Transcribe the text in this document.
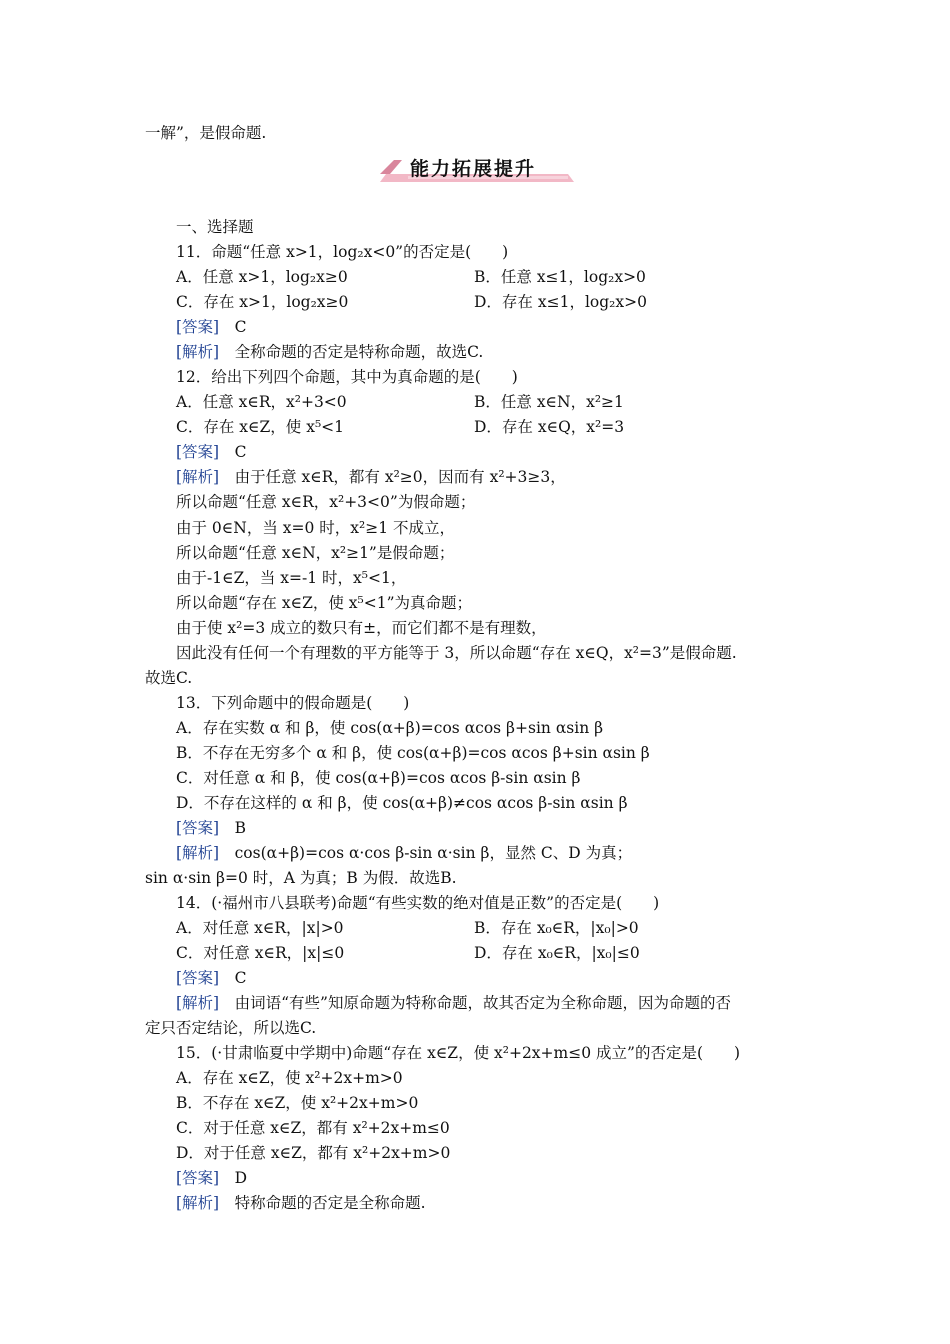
一解”，是假命题.
能力拓展提升
一、选择题
11．命题“任意 x>1，log₂x<0”的否定是(　　)
A．任意 x>1，log₂x≥0	B．任意 x≤1，log₂x>0
C．存在 x>1，log₂x≥0	D．存在 x≤1，log₂x>0
[答案]　C
[解析]　全称命题的否定是特称命题，故选C.
12．给出下列四个命题，其中为真命题的是(　　)
A．任意 x∈R，x²+3<0	B．任意 x∈N，x²≥1
C．存在 x∈Z，使 x⁵<1	D．存在 x∈Q，x²=3
[答案]　C
[解析]　由于任意 x∈R，都有 x²≥0，因而有 x²+3≥3，
所以命题“任意 x∈R，x²+3<0”为假命题；
由于 0∈N，当 x=0 时，x²≥1 不成立，
所以命题“任意 x∈N，x²≥1”是假命题；
由于-1∈Z，当 x=-1 时，x⁵<1，
所以命题“存在 x∈Z，使 x⁵<1”为真命题；
由于使 x²=3 成立的数只有±，而它们都不是有理数，
因此没有任何一个有理数的平方能等于 3，所以命题“存在 x∈Q，x²=3”是假命题.
故选C.
13．下列命题中的假命题是(　　)
A．存在实数 α 和 β，使 cos(α+β)=cos αcos β+sin αsin β
B．不存在无穷多个 α 和 β，使 cos(α+β)=cos αcos β+sin αsin β
C．对任意 α 和 β，使 cos(α+β)=cos αcos β-sin αsin β
D．不存在这样的 α 和 β，使 cos(α+β)≠cos αcos β-sin αsin β
[答案]　B
[解析]　cos(α+β)=cos α·cos β-sin α·sin β，显然 C、D 为真；
sin α·sin β=0 时，A 为真；B 为假．故选B.
14．(·福州市八县联考)命题“有些实数的绝对值是正数”的否定是(　　)
A．对任意 x∈R，|x|>0	B．存在 x₀∈R，|x₀|>0
C．对任意 x∈R，|x|≤0	D．存在 x₀∈R，|x₀|≤0
[答案]　C
[解析]　由词语“有些”知原命题为特称命题，故其否定为全称命题，因为命题的否
定只否定结论，所以选C.
15．(·甘肃临夏中学期中)命题“存在 x∈Z，使 x²+2x+m≤0 成立”的否定是(　　)
A．存在 x∈Z，使 x²+2x+m>0
B．不存在 x∈Z，使 x²+2x+m>0
C．对于任意 x∈Z，都有 x²+2x+m≤0
D．对于任意 x∈Z，都有 x²+2x+m>0
[答案]　D
[解析]　特称命题的否定是全称命题.
